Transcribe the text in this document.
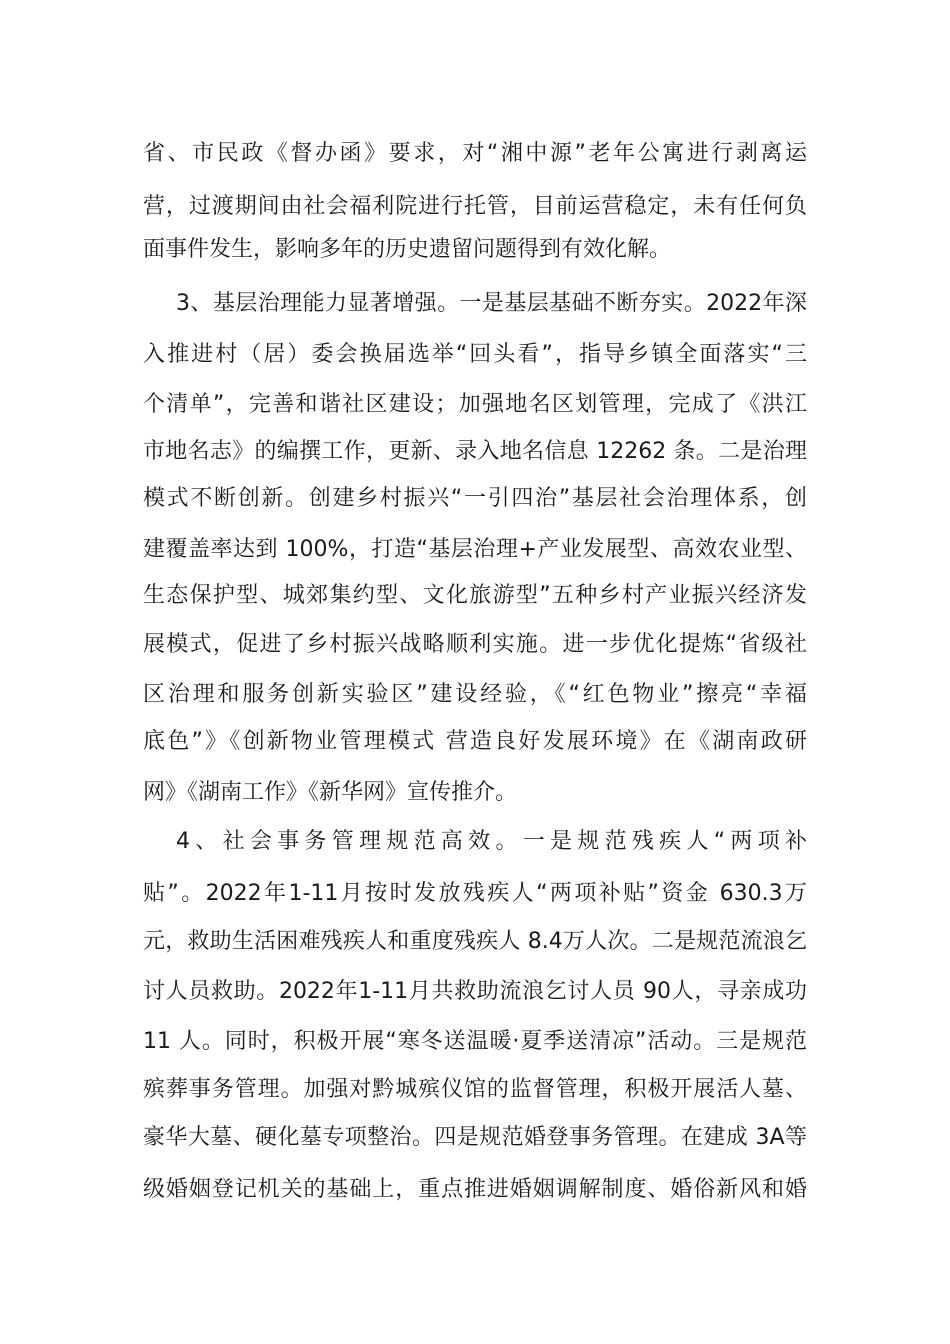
省、市民政《督办函》要求，对“湘中源”老年公寓进行剥离运
营，过渡期间由社会福利院进行托管，目前运营稳定，未有任何负
面事件发生，影响多年的历史遗留问题得到有效化解。
3、基层治理能力显著增强。一是基层基础不断夯实。2022年深
入推进村（居）委会换届选举“回头看”，指导乡镇全面落实“三
个清单”，完善和谐社区建设；加强地名区划管理，完成了《洪江
市地名志》的编撰工作，更新、录入地名信息 12262 条。二是治理
模式不断创新。创建乡村振兴“一引四治”基层社会治理体系，创
建覆盖率达到 100%，打造“基层治理+产业发展型、高效农业型、
生态保护型、城郊集约型、文化旅游型”五种乡村产业振兴经济发
展模式，促进了乡村振兴战略顺利实施。进一步优化提炼“省级社
区治理和服务创新实验区”建设经验，《“红色物业”擦亮“幸福
底色”》《创新物业管理模式 营造良好发展环境》在《湖南政研
网》《湖南工作》《新华网》宣传推介。
4、社会事务管理规范高效。一是规范残疾人“两项补
贴”。2022年1-11月按时发放残疾人“两项补贴”资金 630.3万
元，救助生活困难残疾人和重度残疾人 8.4万人次。二是规范流浪乞
讨人员救助。2022年1-11月共救助流浪乞讨人员 90人，寻亲成功
11 人。同时，积极开展“寒冬送温暖·夏季送清凉”活动。三是规范
殡葬事务管理。加强对黔城殡仪馆的监督管理，积极开展活人墓、
豪华大墓、硬化墓专项整治。四是规范婚登事务管理。在建成 3A等
级婚姻登记机关的基础上，重点推进婚姻调解制度、婚俗新风和婚
